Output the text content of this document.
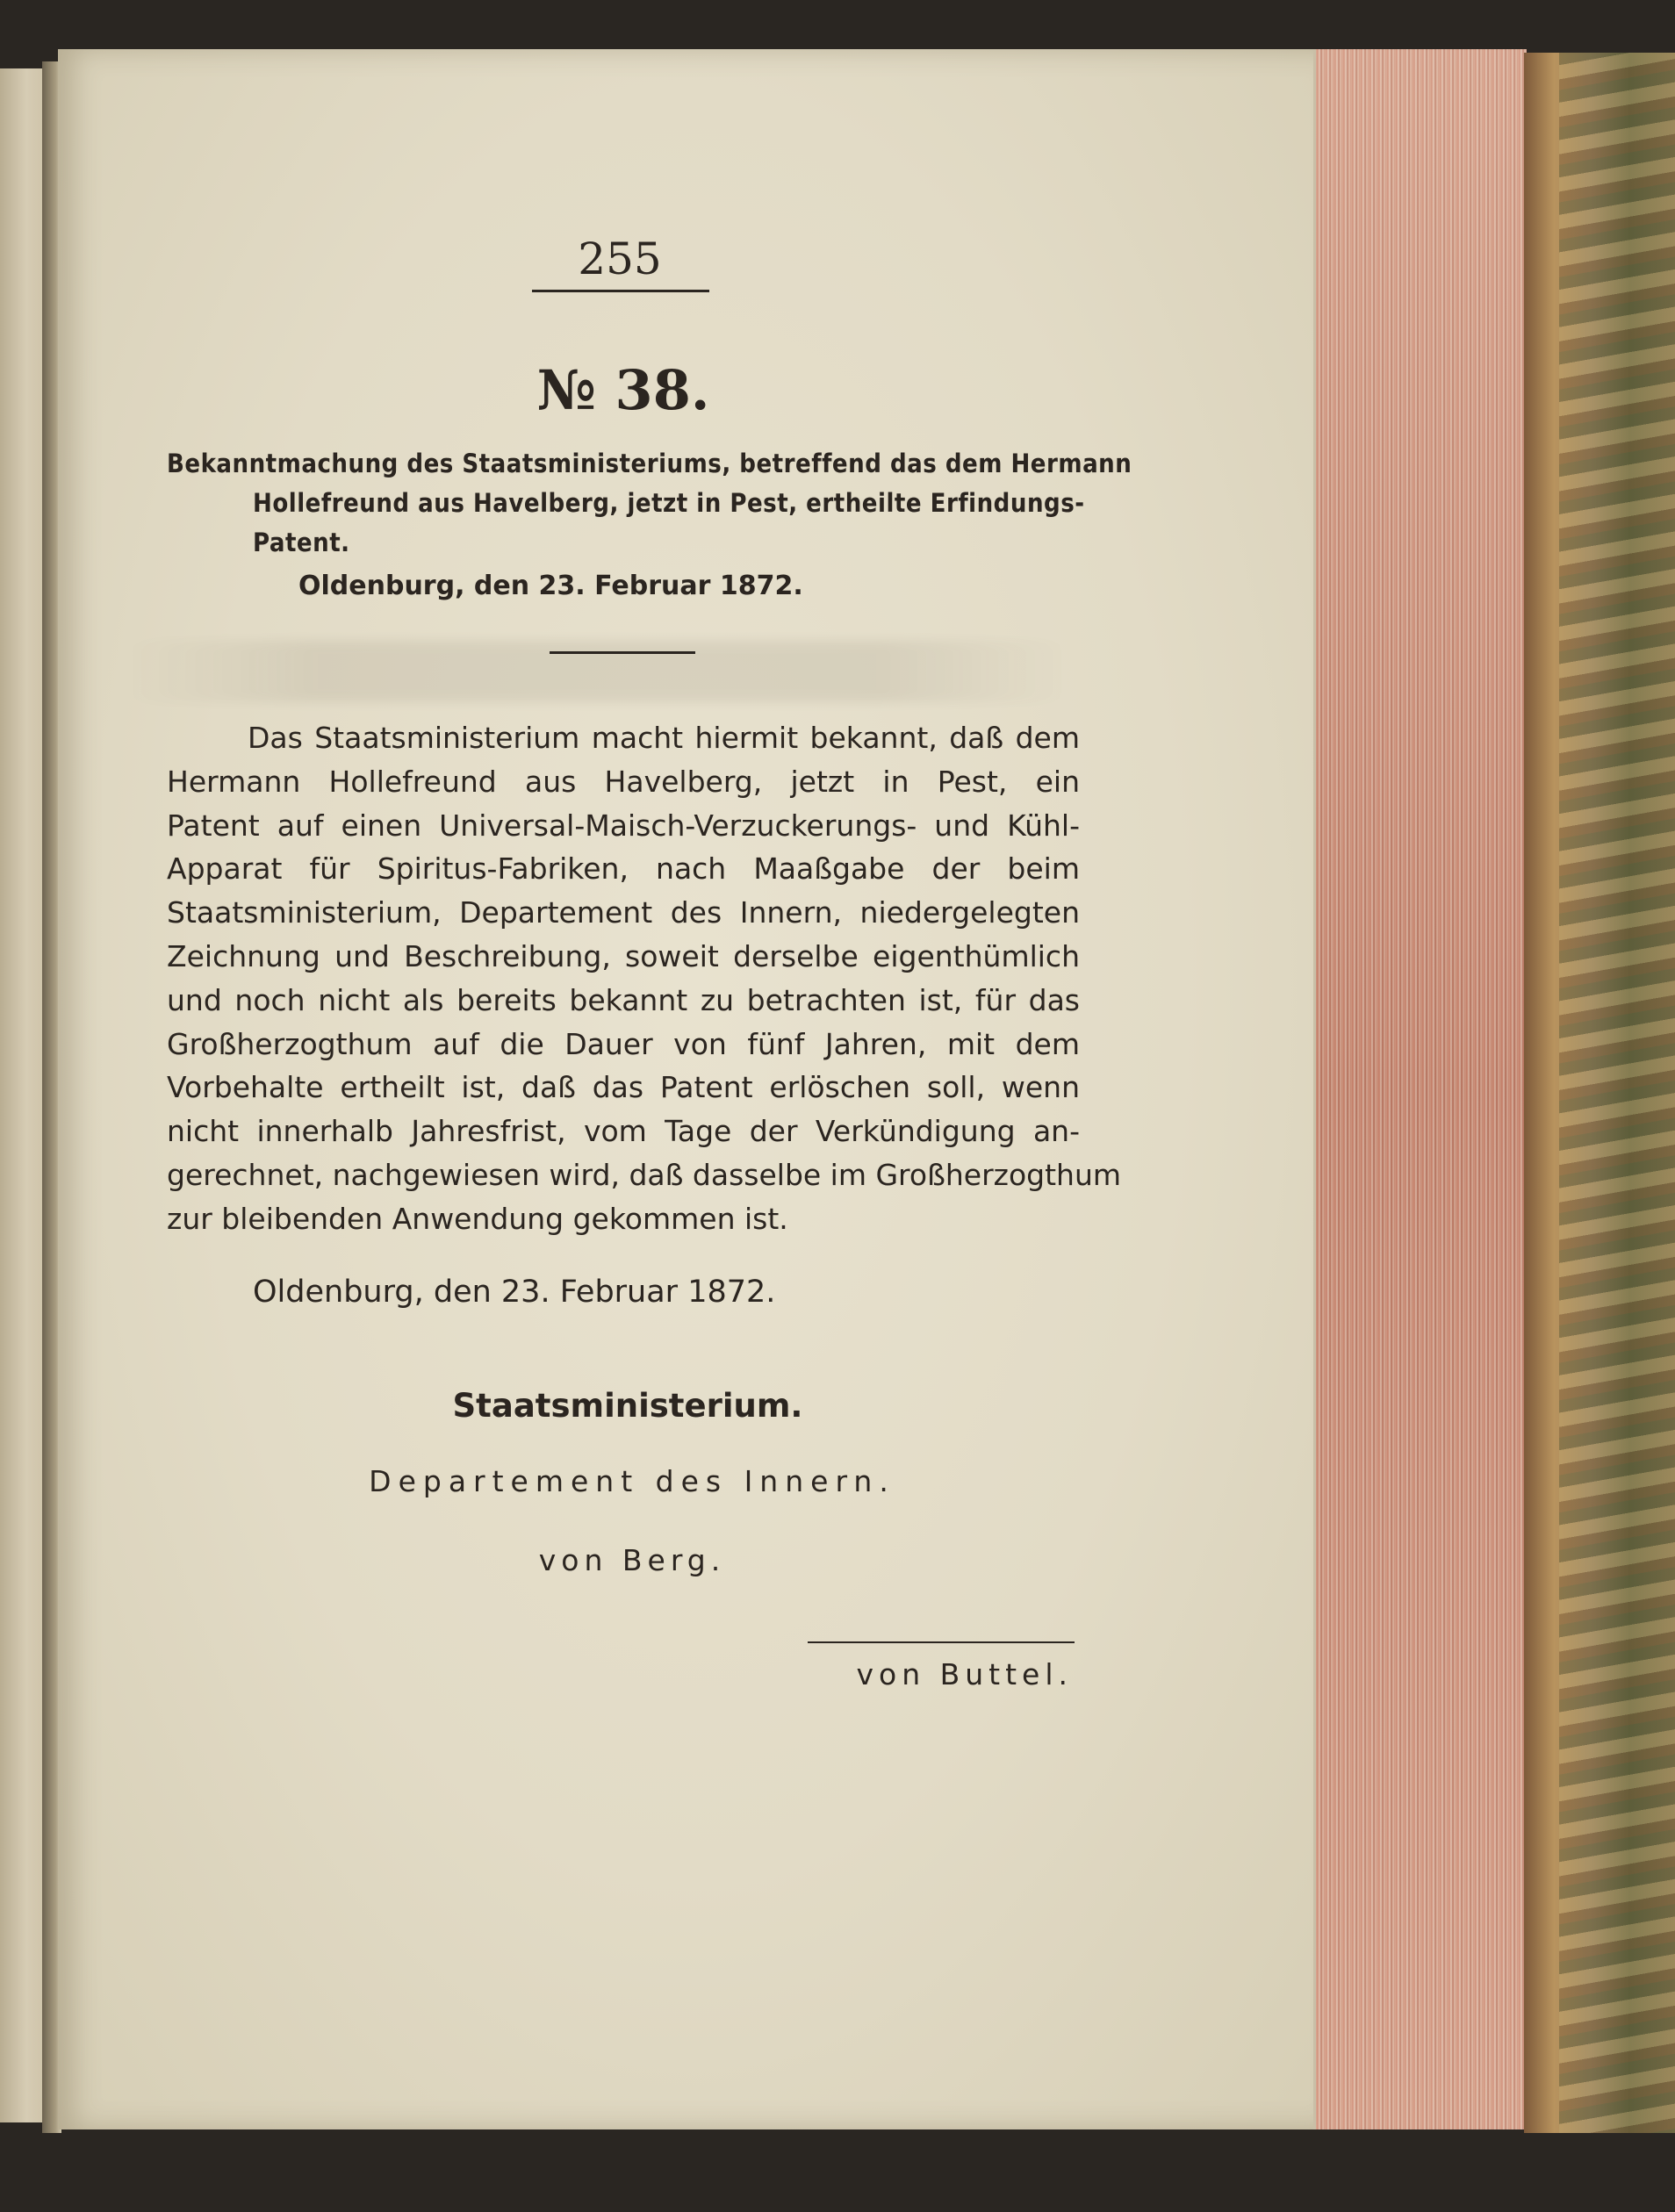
255
№ 38.
Bekanntmachung des Staatsministeriums, betreffend das dem Hermann
Hollefreund aus Havelberg, jetzt in Pest, ertheilte Erfindungs-
Patent.
Oldenburg, den 23. Februar 1872.
Das Staatsministerium macht hiermit bekannt, daß dem
Hermann Hollefreund aus Havelberg, jetzt in Pest, ein
Patent auf einen Universal-Maisch-Verzuckerungs- und Kühl-
Apparat für Spiritus-Fabriken, nach Maaßgabe der beim
Staatsministerium, Departement des Innern, niedergelegten
Zeichnung und Beschreibung, soweit derselbe eigenthümlich
und noch nicht als bereits bekannt zu betrachten ist, für das
Großherzogthum auf die Dauer von fünf Jahren, mit dem
Vorbehalte ertheilt ist, daß das Patent erlöschen soll, wenn
nicht innerhalb Jahresfrist, vom Tage der Verkündigung an-
gerechnet, nachgewiesen wird, daß dasselbe im Großherzogthum
zur bleibenden Anwendung gekommen ist.
Oldenburg, den 23. Februar 1872.
Staatsministerium.
Departement des Innern.
von Berg.
von Buttel.
